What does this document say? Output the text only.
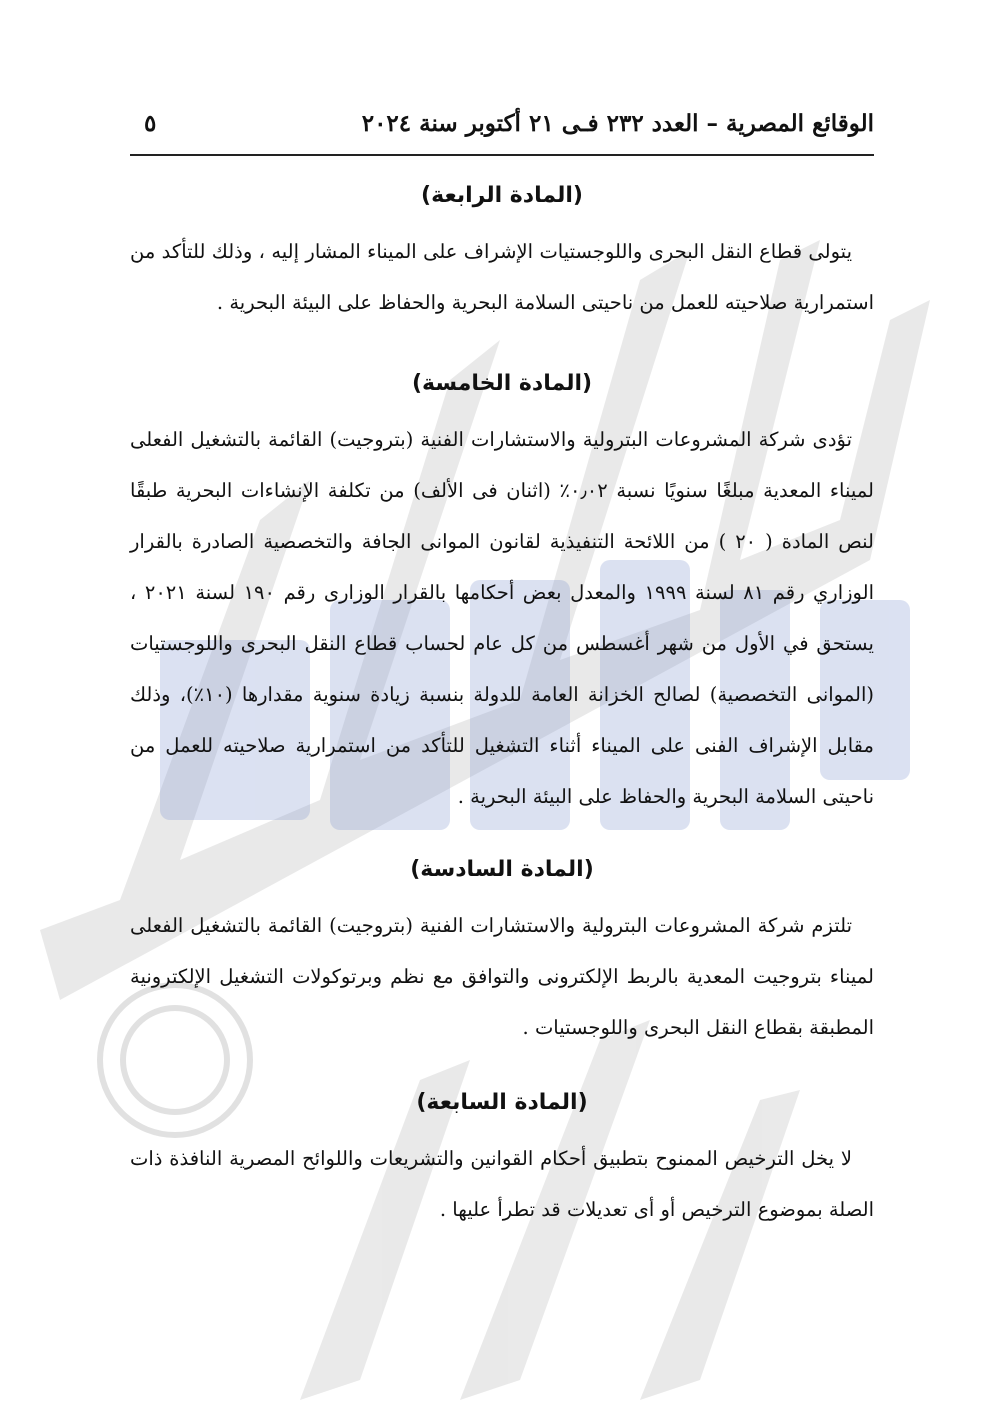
الوقائع المصرية – العدد ٢٣٢ فـى ٢١ أكتوبر سنة ٢٠٢٤
٥
(المادة الرابعة)

يتولى قطاع النقل البحرى واللوجستيات الإشراف على الميناء المشار إليه ، وذلك للتأكد من استمرارية صلاحيته للعمل من ناحيتى السلامة البحرية والحفاظ على البيئة البحرية .

(المادة الخامسة)

تؤدى شركة المشروعات البترولية والاستشارات الفنية (بتروجيت) القائمة بالتشغيل الفعلى لميناء المعدية مبلغًا سنويًا نسبة ٠٫٠٢٪ (اثنان فى الألف) من تكلفة الإنشاءات البحرية طبقًا لنص المادة ( ٢٠ ) من اللائحة التنفيذية لقانون الموانى الجافة والتخصصية الصادرة بالقرار الوزاري رقم ٨١ لسنة ١٩٩٩ والمعدل بعض أحكامها بالقرار الوزارى رقم ١٩٠ لسنة ٢٠٢١ ، يستحق في الأول من شهر أغسطس من كل عام لحساب قطاع النقل البحرى واللوجستيات (الموانى التخصصية) لصالح الخزانة العامة للدولة بنسبة زيادة سنوية مقدارها (١٠٪)، وذلك مقابل الإشراف الفنى على الميناء أثناء التشغيل للتأكد من استمرارية صلاحيته للعمل من ناحيتى السلامة البحرية والحفاظ على البيئة البحرية .

(المادة السادسة)

تلتزم شركة المشروعات البترولية والاستشارات الفنية (بتروجيت) القائمة بالتشغيل الفعلى لميناء بتروجيت المعدية بالربط الإلكترونى والتوافق مع نظم وبرتوكولات التشغيل الإلكترونية المطبقة بقطاع النقل البحرى واللوجستيات .

(المادة السابعة)

لا يخل الترخيص الممنوح بتطبيق أحكام القوانين والتشريعات واللوائح المصرية النافذة ذات الصلة بموضوع الترخيص أو أى تعديلات قد تطرأ عليها .
